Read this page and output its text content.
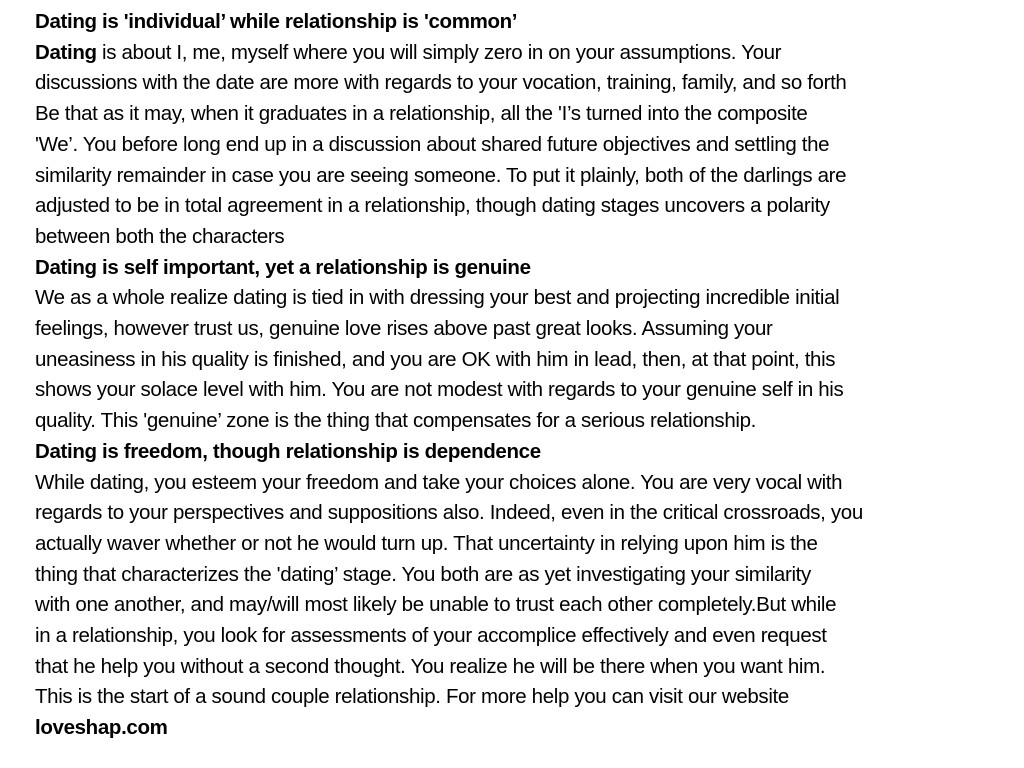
Dating is 'individual’ while relationship is 'common’
Dating is about I, me, myself where you will simply zero in on your assumptions. Your
discussions with the date are more with regards to your vocation, training, family, and so forth
Be that as it may, when it graduates in a relationship, all the 'I’s turned into the composite
'We’. You before long end up in a discussion about shared future objectives and settling the
similarity remainder in case you are seeing someone. To put it plainly, both of the darlings are
adjusted to be in total agreement in a relationship, though dating stages uncovers a polarity
between both the characters
Dating is self important, yet a relationship is genuine
We as a whole realize dating is tied in with dressing your best and projecting incredible initial
feelings, however trust us, genuine love rises above past great looks. Assuming your
uneasiness in his quality is finished, and you are OK with him in lead, then, at that point, this
shows your solace level with him. You are not modest with regards to your genuine self in his
quality. This 'genuine’ zone is the thing that compensates for a serious relationship.
Dating is freedom, though relationship is dependence
While dating, you esteem your freedom and take your choices alone. You are very vocal with
regards to your perspectives and suppositions also. Indeed, even in the critical crossroads, you
actually waver whether or not he would turn up. That uncertainty in relying upon him is the
thing that characterizes the 'dating’ stage. You both are as yet investigating your similarity
with one another, and may/will most likely be unable to trust each other completely.But while
in a relationship, you look for assessments of your accomplice effectively and even request
that he help you without a second thought. You realize he will be there when you want him.
This is the start of a sound couple relationship. For more help you can visit our website
loveshap.com
